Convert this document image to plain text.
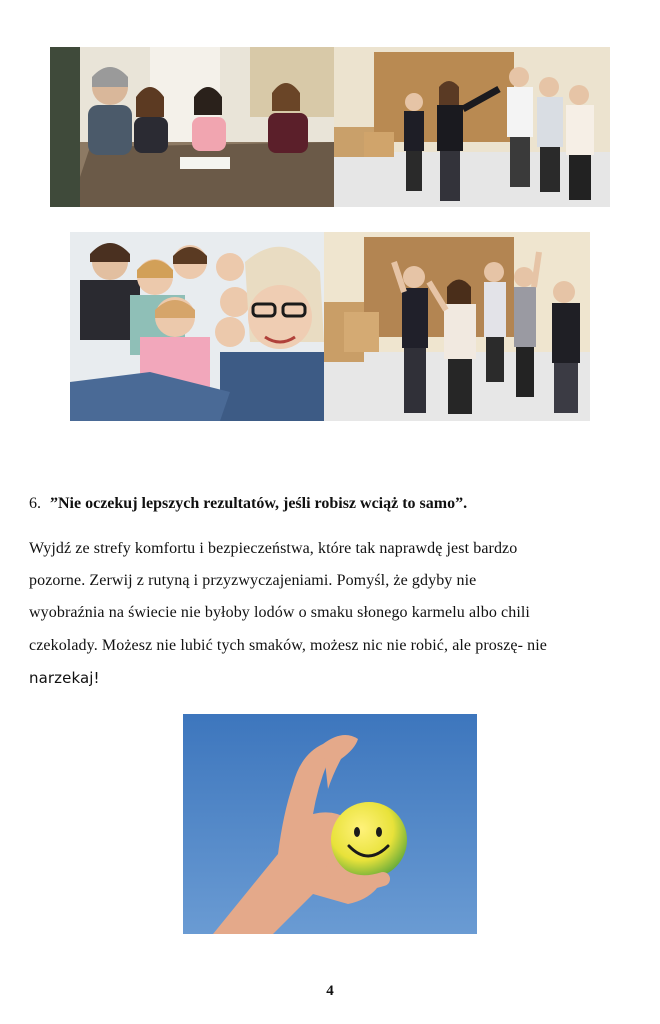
6. ”Nie oczekuj lepszych rezultatów, jeśli robisz wciąż to samo”.
Wyjdź ze strefy komfortu i bezpieczeństwa, które tak naprawdę jest bardzo
pozorne. Zerwij z rutyną i przyzwyczajeniami. Pomyśl, że gdyby nie
wyobraźnia na świecie nie byłoby lodów o smaku słonego karmelu albo chili
czekolady. Możesz nie lubić tych smaków, możesz nic nie robić, ale proszę- nie
narzekaj!
4
